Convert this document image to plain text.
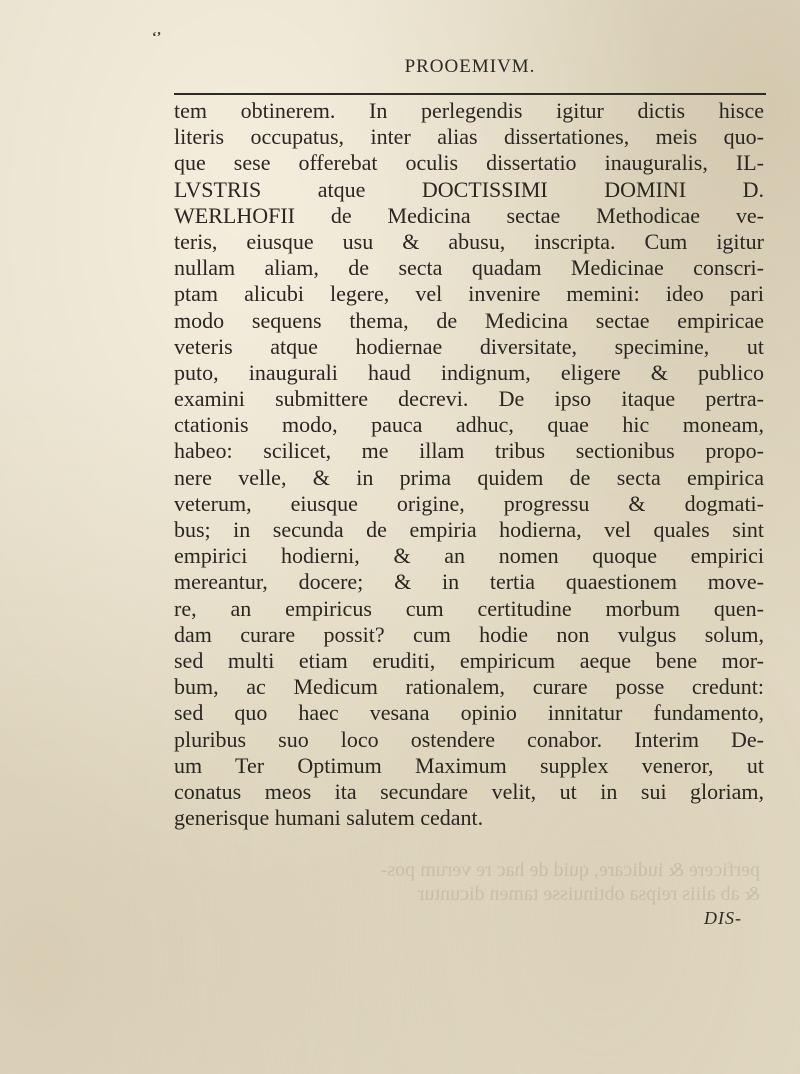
‘’
PROOEMIVM.
perficere & iudicare, quid de hac re verum pos-
& ab aliis reipsa obtinuisse tamen dicuntur
tem obtinerem. In perlegendis igitur dictis hisce
literis occupatus, inter alias dissertationes, meis quo-
que sese offerebat oculis dissertatio inauguralis, IL-
LVSTRIS atque DOCTISSIMI DOMINI D.
WERLHOFII de Medicina sectae Methodicae ve-
teris, eiusque usu & abusu, inscripta. Cum igitur
nullam aliam, de secta quadam Medicinae conscri-
ptam alicubi legere, vel invenire memini: ideo pari
modo sequens thema, de Medicina sectae empiricae
veteris atque hodiernae diversitate, specimine, ut
puto, inaugurali haud indignum, eligere & publico
examini submittere decrevi. De ipso itaque pertra-
ctationis modo, pauca adhuc, quae hic moneam,
habeo: scilicet, me illam tribus sectionibus propo-
nere velle, & in prima quidem de secta empirica
veterum, eiusque origine, progressu & dogmati-
bus; in secunda de empiria hodierna, vel quales sint
empirici hodierni, & an nomen quoque empirici
mereantur, docere; & in tertia quaestionem move-
re, an empiricus cum certitudine morbum quen-
dam curare possit? cum hodie non vulgus solum,
sed multi etiam eruditi, empiricum aeque bene mor-
bum, ac Medicum rationalem, curare posse credunt:
sed quo haec vesana opinio innitatur fundamento,
pluribus suo loco ostendere conabor. Interim De-
um Ter Optimum Maximum supplex veneror, ut
conatus meos ita secundare velit, ut in sui gloriam,
generisque humani salutem cedant.
DIS-
